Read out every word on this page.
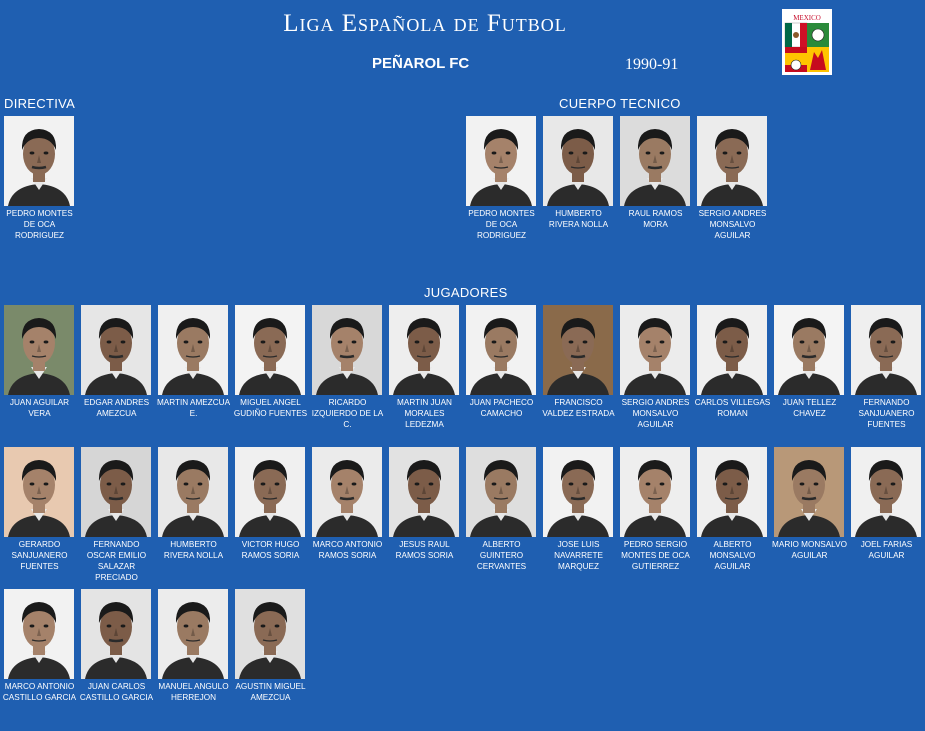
Liga Española de Futbol
PEÑAROL FC	1990-91
MEXICO
DIRECTIVA	CUERPO TECNICO
JUGADORES
PEDRO MONTES DE OCA RODRIGUEZ
PEDRO MONTES DE OCA RODRIGUEZ
HUMBERTO RIVERA NOLLA
RAUL RAMOS MORA
SERGIO ANDRES MONSALVO AGUILAR
JUAN AGUILAR VERA
EDGAR ANDRES AMEZCUA
MARTIN AMEZCUA E.
MIGUEL ANGEL GUDIÑO FUENTES
RICARDO IZQUIERDO DE LA C.
MARTIN JUAN MORALES LEDEZMA
JUAN PACHECO CAMACHO
FRANCISCO VALDEZ ESTRADA
SERGIO ANDRES MONSALVO AGUILAR
CARLOS VILLEGAS ROMAN
JUAN TELLEZ CHAVEZ
FERNANDO SANJUANERO FUENTES
GERARDO SANJUANERO FUENTES
FERNANDO OSCAR EMILIO SALAZAR PRECIADO
HUMBERTO RIVERA NOLLA
VICTOR HUGO RAMOS SORIA
MARCO ANTONIO RAMOS SORIA
JESUS RAUL RAMOS SORIA
ALBERTO GUINTERO CERVANTES
JOSE LUIS NAVARRETE MARQUEZ
PEDRO SERGIO MONTES DE OCA GUTIERREZ
ALBERTO MONSALVO AGUILAR
MARIO MONSALVO AGUILAR
JOEL FARIAS AGUILAR
MARCO ANTONIO CASTILLO GARCIA
JUAN CARLOS CASTILLO GARCIA
MANUEL ANGULO HERREJON
AGUSTIN MIGUEL AMEZCUA
